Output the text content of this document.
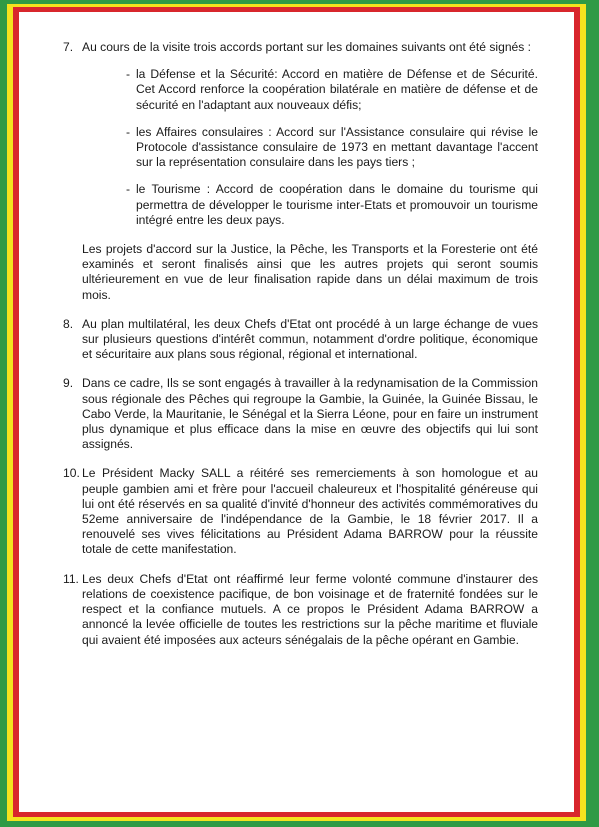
7. Au cours de la visite trois accords portant sur les domaines suivants ont été signés :

- la Défense et la Sécurité: Accord en matière de Défense et de Sécurité. Cet Accord renforce la coopération bilatérale en matière de défense et de sécurité en l'adaptant aux nouveaux défis;

- les Affaires consulaires : Accord sur l'Assistance consulaire qui révise le Protocole d'assistance consulaire de 1973 en mettant davantage l'accent sur la représentation consulaire dans les pays tiers ;

- le Tourisme : Accord de coopération dans le domaine du tourisme qui permettra de développer le tourisme inter-Etats et promouvoir un tourisme intégré entre les deux pays.

Les projets d'accord sur la Justice, la Pêche, les Transports et la Foresterie ont été examinés et seront finalisés ainsi que les autres projets qui seront soumis ultérieurement en vue de leur finalisation rapide dans un délai maximum de trois mois.

8. Au plan multilatéral, les deux Chefs d'Etat ont procédé à un large échange de vues sur plusieurs questions d'intérêt commun, notamment d'ordre politique, économique et sécuritaire aux plans sous régional, régional et international.

9. Dans ce cadre, Ils se sont engagés à travailler à la redynamisation de la Commission sous régionale des Pêches qui regroupe la Gambie, la Guinée, la Guinée Bissau, le Cabo Verde, la Mauritanie, le Sénégal et la Sierra Léone, pour en faire un instrument plus dynamique et plus efficace dans la mise en œuvre des objectifs qui lui sont assignés.

10. Le Président Macky SALL a réitéré ses remerciements à son homologue et au peuple gambien ami et frère pour l'accueil chaleureux et l'hospitalité généreuse qui lui ont été réservés en sa qualité d'invité d'honneur des activités commémoratives du 52eme anniversaire de l'indépendance de la Gambie, le 18 février 2017. Il a renouvelé ses vives félicitations au Président Adama BARROW pour la réussite totale de cette manifestation.

11. Les deux Chefs d'Etat ont réaffirmé leur ferme volonté commune d'instaurer des relations de coexistence pacifique, de bon voisinage et de fraternité fondées sur le respect et la confiance mutuels. A ce propos le Président Adama BARROW a annoncé la levée officielle de toutes les restrictions sur la pêche maritime et fluviale qui avaient été imposées aux acteurs sénégalais de la pêche opérant en Gambie.
